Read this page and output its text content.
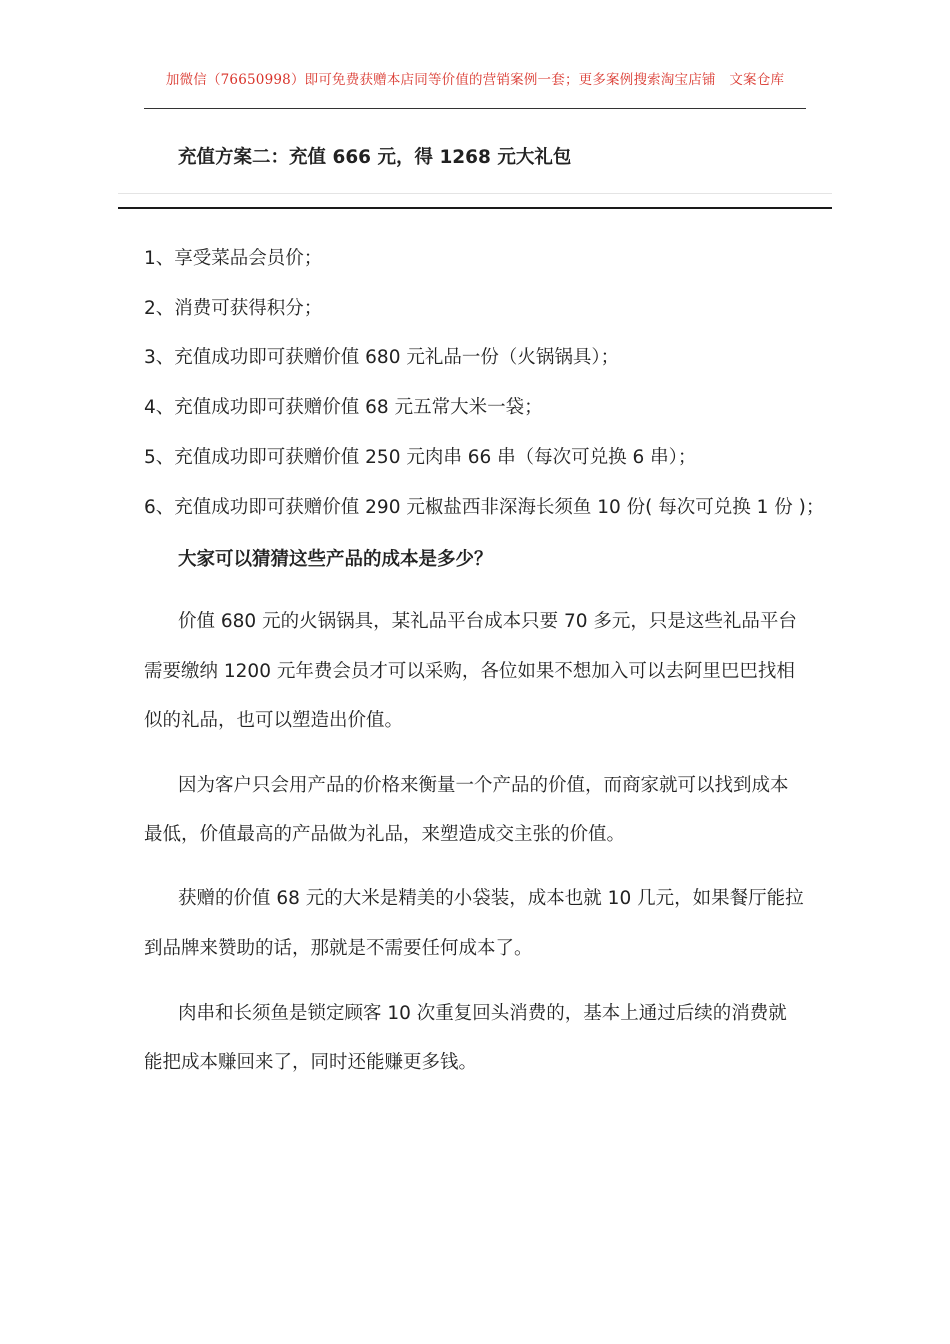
加微信（76650998）即可免费获赠本店同等价值的营销案例一套；更多案例搜索淘宝店铺　文案仓库
充值方案二：充值 666 元，得 1268 元大礼包
1、享受菜品会员价；
2、消费可获得积分；
3、充值成功即可获赠价值 680 元礼品一份（火锅锅具）；
4、充值成功即可获赠价值 68 元五常大米一袋；
5、充值成功即可获赠价值 250 元肉串 66 串（每次可兑换 6 串）；
6、充值成功即可获赠价值 290 元椒盐西非深海长须鱼 10 份( 每次可兑换 1 份 )；
大家可以猜猜这些产品的成本是多少？
价值 680 元的火锅锅具，某礼品平台成本只要 70 多元，只是这些礼品平台
需要缴纳 1200 元年费会员才可以采购，各位如果不想加入可以去阿里巴巴找相
似的礼品，也可以塑造出价值。
因为客户只会用产品的价格来衡量一个产品的价值，而商家就可以找到成本
最低，价值最高的产品做为礼品，来塑造成交主张的价值。
获赠的价值 68 元的大米是精美的小袋装，成本也就 10 几元，如果餐厅能拉
到品牌来赞助的话，那就是不需要任何成本了。
肉串和长须鱼是锁定顾客 10 次重复回头消费的，基本上通过后续的消费就
能把成本赚回来了，同时还能赚更多钱。
